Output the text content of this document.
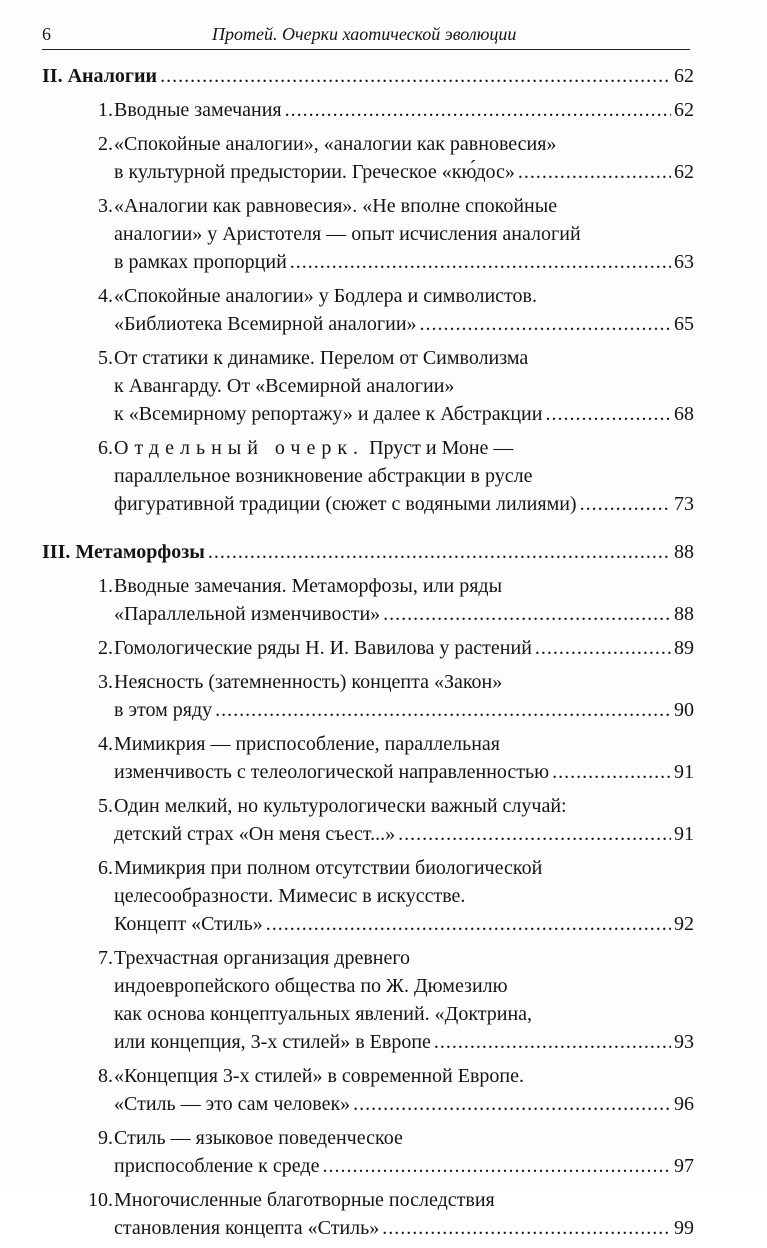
6	Протей. Очерки хаотической эволюции
II. Аналогии .....	62
1. Вводные замечания .....	62
2. «Спокойные аналогии», «аналогии как равновесия»
в культурной предыстории. Греческое «кю́дос» .....	62
3. «Аналогии как равновесия». «Не вполне спокойные
аналогии» у Аристотеля — опыт исчисления аналогий
в рамках пропорций .....	63
4. «Спокойные аналогии» у Бодлера и символистов.
«Библиотека Всемирной аналогии» .....	65
5. От статики к динамике. Перелом от Символизма
к Авангарду. От «Всемирной аналогии»
к «Всемирному репортажу» и далее к Абстракции .....	68
6. Отдельный очерк. Пруст и Моне —
параллельное возникновение абстракции в русле
фигуративной традиции (сюжет с водяными лилиями) .....	73
III. Метаморфозы .....	88
1. Вводные замечания. Метаморфозы, или ряды
«Параллельной изменчивости» .....	88
2. Гомологические ряды Н. И. Вавилова у растений .....	89
3. Неясность (затемненность) концепта «Закон»
в этом ряду .....	90
4. Мимикрия — приспособление, параллельная
изменчивость с телеологической направленностью .....	91
5. Один мелкий, но культурологически важный случай:
детский страх «Он меня съест...» .....	91
6. Мимикрия при полном отсутствии биологической
целесообразности. Мимесис в искусстве.
Концепт «Стиль» .....	92
7. Трехчастная организация древнего
индоевропейского общества по Ж. Дюмезилю
как основа концептуальных явлений. «Доктрина,
или концепция, 3-х стилей» в Европе .....	93
8. «Концепция 3-х стилей» в современной Европе.
«Стиль — это сам человек» .....	96
9. Стиль — языковое поведенческое
приспособление к среде .....	97
10. Многочисленные благотворные последствия
становления концепта «Стиль» .....	99
